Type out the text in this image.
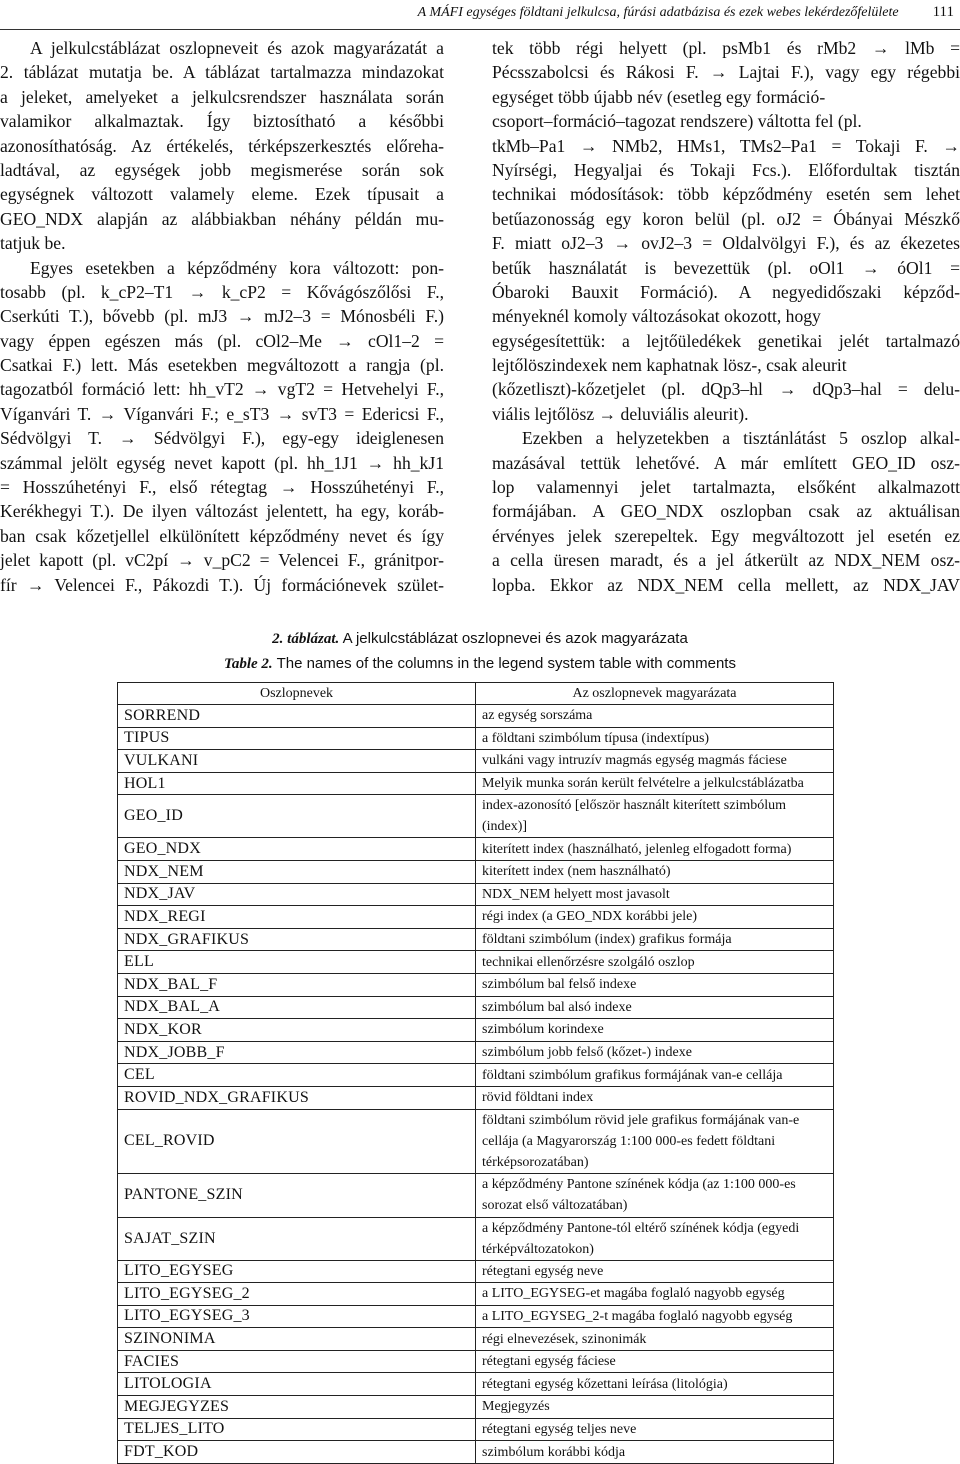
A MÁFI egységes földtani jelkulcsa, fúrási adatbázisa és ezek webes lekérdezőfelülete 111
A jelkulcstáblázat oszlopneveit és azok magyarázatát a
2. táblázat mutatja be. A táblázat tartalmazza mindazokat
a jeleket, amelyeket a jelkulcsrendszer használata során
valamikor alkalmaztak. Így biztosítható a későbbi
azonosíthatóság. Az értékelés, térképszerkesztés előreha-
ladtával, az egységek jobb megismerése során sok
egységnek változott valamely eleme. Ezek típusait a
GEO_NDX alapján az alábbiakban néhány példán mu-
tatjuk be.
Egyes esetekben a képződmény kora változott: pon-
tosabb (pl. k_cP2–T1 → k_cP2 = Kővágószőlősi F.,
Cserkúti T.), bővebb (pl. mJ3 → mJ2–3 = Mónosbéli F.)
vagy éppen egészen más (pl. cOl2–Me → cOl1–2 =
Csatkai F.) lett. Más esetekben megváltozott a rangja (pl.
tagozatból formáció lett: hh_vT2 → vgT2 = Hetvehelyi F.,
Víganvári T. → Víganvári F.; e_sT3 → svT3 = Edericsi F.,
Sédvölgyi T. → Sédvölgyi F.), egy-egy ideiglenesen
számmal jelölt egység nevet kapott (pl. hh_1J1 → hh_kJ1
= Hosszúhetényi F., első rétegtag → Hosszúhetényi F.,
Kerékhegyi T.). De ilyen változást jelentett, ha egy, koráb-
ban csak kőzetjellel elkülönített képződmény nevet és így
jelet kapott (pl. vC2pí → v_pC2 = Velencei F., gránitpor-
fír → Velencei F., Pákozdi T.). Új formációnevek szület-
tek több régi helyett (pl. psMb1 és rMb2 → lMb =
Pécsszabolcsi és Rákosi F. → Lajtai F.), vagy egy régebbi
egységet több újabb név (esetleg egy formáció-
csoport–formáció–tagozat rendszere) váltotta fel (pl.
tkMb–Pa1 → NMb2, HMs1, TMs2–Pa1 = Tokaji F. →
Nyírségi, Hegyaljai és Tokaji Fcs.). Előfordultak tisztán
technikai módosítások: több képződmény esetén sem lehet
betűazonosság egy koron belül (pl. oJ2 = Óbányai Mészkő
F. miatt oJ2–3 → ovJ2–3 = Oldalvölgyi F.), és az ékezetes
betűk használatát is bevezettük (pl. oOl1 → óOl1 =
Óbaroki Bauxit Formáció). A negyedidőszaki képződ-
ményeknél komoly változásokat okozott, hogy
egységesítettük: a lejtőüledékek genetikai jelét tartalmazó
lejtőlöszindexek nem kaphatnak lösz-, csak aleurit
(kőzetliszt)-kőzetjelet (pl. dQp3–hl → dQp3–hal = delu-
viális lejtőlösz → deluviális aleurit).
Ezekben a helyzetekben a tisztánlátást 5 oszlop alkal-
mazásával tettük lehetővé. A már említett GEO_ID osz-
lop valamennyi jelet tartalmazta, elsőként alkalmazott
formájában. A GEO_NDX oszlopban csak az aktuálisan
érvényes jelek szerepeltek. Egy megváltozott jel esetén ez
a cella üresen maradt, és a jel átkerült az NDX_NEM osz-
lopba. Ekkor az NDX_NEM cella mellett, az NDX_JAV
2. táblázat. A jelkulcstáblázat oszlopnevei és azok magyarázata
Table 2. The names of the columns in the legend system table with comments
Oszlopnevek	Az oszlopnevek magyarázata
SORREND	az egység sorszáma
TIPUS	a földtani szimbólum típusa (indextípus)
VULKANI	vulkáni vagy intruzív magmás egység magmás fáciese
HOL1	Melyik munka során került felvételre a jelkulcstáblázatba
GEO_ID	index-azonosító [először használt kiterített szimbólum (index)]
GEO_NDX	kiterített index (használható, jelenleg elfogadott forma)
NDX_NEM	kiterített index (nem használható)
NDX_JAV	NDX_NEM helyett most javasolt
NDX_REGI	régi index (a GEO_NDX korábbi jele)
NDX_GRAFIKUS	földtani szimbólum (index) grafikus formája
ELL	technikai ellenőrzésre szolgáló oszlop
NDX_BAL_F	szimbólum bal felső indexe
NDX_BAL_A	szimbólum bal alsó indexe
NDX_KOR	szimbólum korindexe
NDX_JOBB_F	szimbólum jobb felső (kőzet-) indexe
CEL	földtani szimbólum grafikus formájának van-e cellája
ROVID_NDX_GRAFIKUS	rövid földtani index
CEL_ROVID	földtani szimbólum rövid jele grafikus formájának van-e cellája (a Magyarország 1:100 000-es fedett földtani térképsorozatában)
PANTONE_SZIN	a képződmény Pantone színének kódja (az 1:100 000-es sorozat első változatában)
SAJAT_SZIN	a képződmény Pantone-tól eltérő színének kódja (egyedi térképváltozatokon)
LITO_EGYSEG	rétegtani egység neve
LITO_EGYSEG_2	a LITO_EGYSEG-et magába foglaló nagyobb egység
LITO_EGYSEG_3	a LITO_EGYSEG_2-t magába foglaló nagyobb egység
SZINONIMA	régi elnevezések, szinonimák
FACIES	rétegtani egység fáciese
LITOLOGIA	rétegtani egység kőzettani leírása (litológia)
MEGJEGYZES	Megjegyzés
TELJES_LITO	rétegtani egység teljes neve
FDT_KOD	szimbólum korábbi kódja
